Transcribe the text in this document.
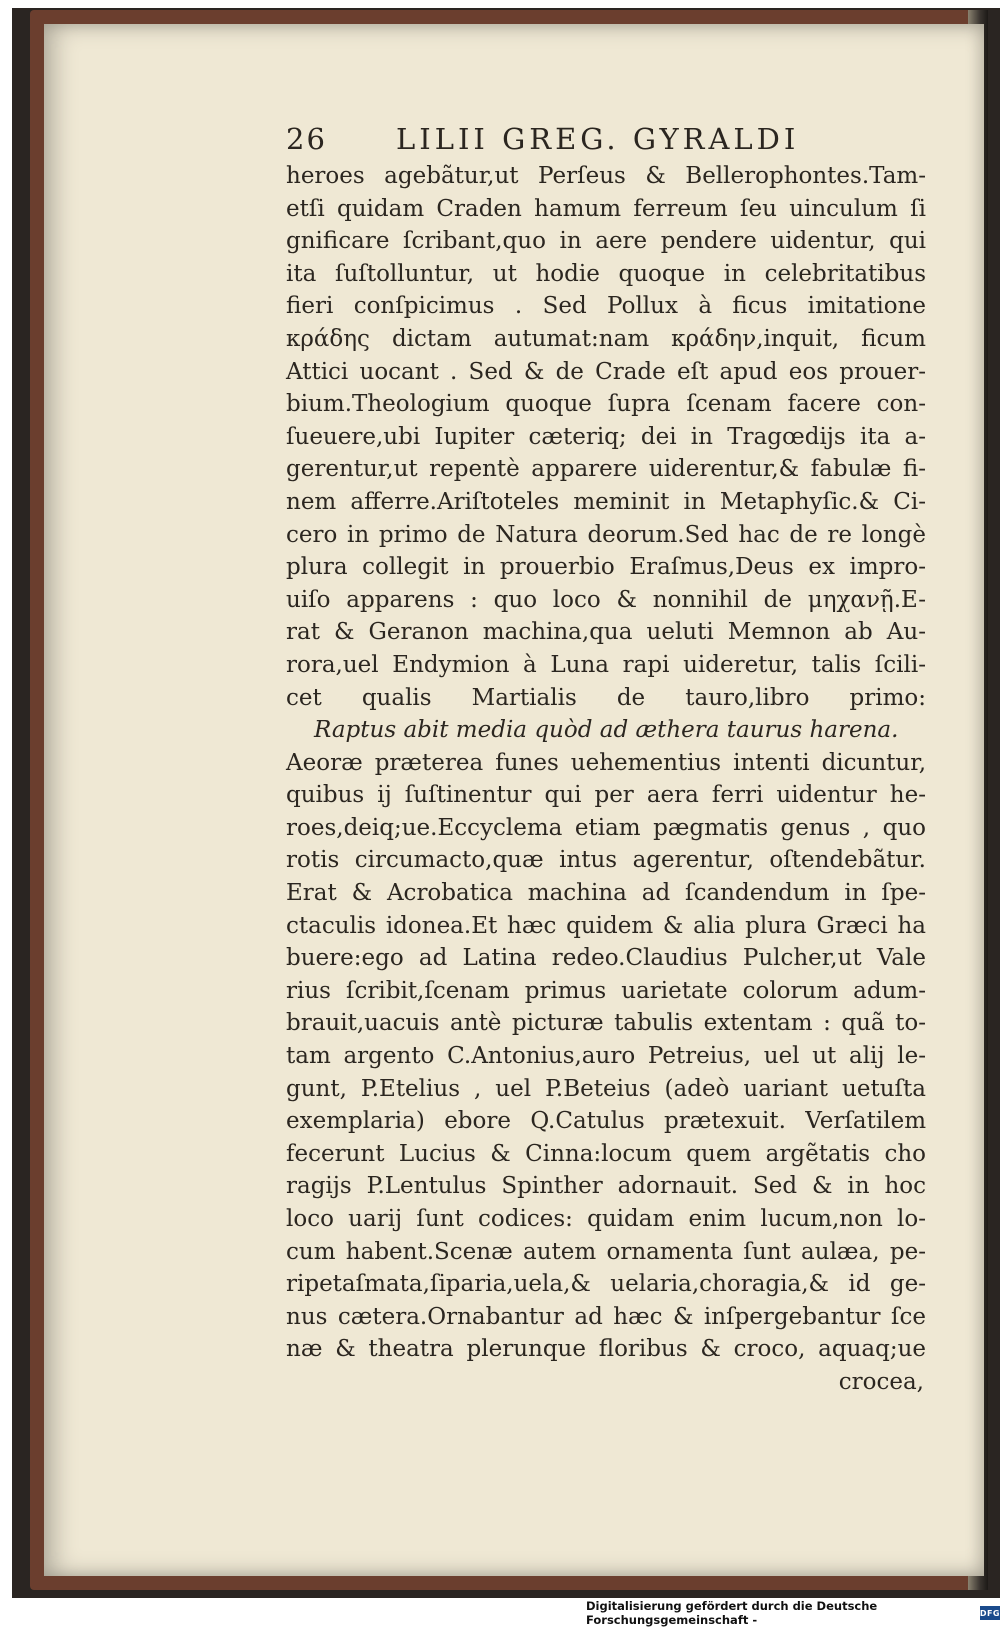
26	LILII GREG. GYRALDI
heroes agebãtur,ut Perſeus & Bellerophontes.Tam-
etſi quidam Craden hamum ferreum ſeu uinculum ſi
gnificare ſcribant,quo in aere pendere uidentur, qui
ita ſuſtolluntur, ut hodie quoque in celebritatibus
fieri conſpicimus . Sed Pollux à ficus imitatione
κράδης dictam autumat:nam κράδην,inquit, ficum
Attici uocant . Sed & de Crade eſt apud eos prouer-
bium.Theologium quoque ſupra ſcenam facere con-
ſueuere,ubi Iupiter cæteriq; dei in Tragœdijs ita a-
gerentur,ut repentè apparere uiderentur,& fabulæ fi-
nem afferre.Ariſtoteles meminit in Metaphyſic.& Ci-
cero in primo de Natura deorum.Sed hac de re longè
plura collegit in prouerbio Eraſmus,Deus ex impro-
uiſo apparens : quo loco & nonnihil de μηχανῇ.E-
rat & Geranon machina,qua ueluti Memnon ab Au-
rora,uel Endymion à Luna rapi uideretur, talis ſcili-
cet qualis Martialis de tauro,libro primo:
Raptus abit media quòd ad æthera taurus harena.
Aeoræ præterea funes uehementius intenti dicuntur,
quibus ij ſuſtinentur qui per aera ferri uidentur he-
roes,deiq;ue.Eccyclema etiam pægmatis genus , quo
rotis circumacto,quæ intus agerentur, oſtendebãtur.
Erat & Acrobatica machina ad ſcandendum in ſpe-
ctaculis idonea.Et hæc quidem & alia plura Græci ha
buere:ego ad Latina redeo.Claudius Pulcher,ut Vale
rius ſcribit,ſcenam primus uarietate colorum adum-
brauit,uacuis antè picturæ tabulis extentam : quã to-
tam argento C.Antonius,auro Petreius, uel ut alij le-
gunt, P.Etelius , uel P.Beteius (adeò uariant uetuſta
exemplaria) ebore Q.Catulus prætexuit. Verſatilem
fecerunt Lucius & Cinna:locum quem argẽtatis cho
ragijs P.Lentulus Spinther adornauit. Sed & in hoc
loco uarij ſunt codices: quidam enim lucum,non lo-
cum habent.Scenæ autem ornamenta ſunt aulæa, pe-
ripetaſmata,ſiparia,uela,& uelaria,choragia,& id ge-
nus cætera.Ornabantur ad hæc & inſpergebantur ſce
næ & theatra plerunque floribus & croco, aquaq;ue
crocea,
Digitalisierung gefördert durch die Deutsche Forschungsgemeinschaft -	DFG
